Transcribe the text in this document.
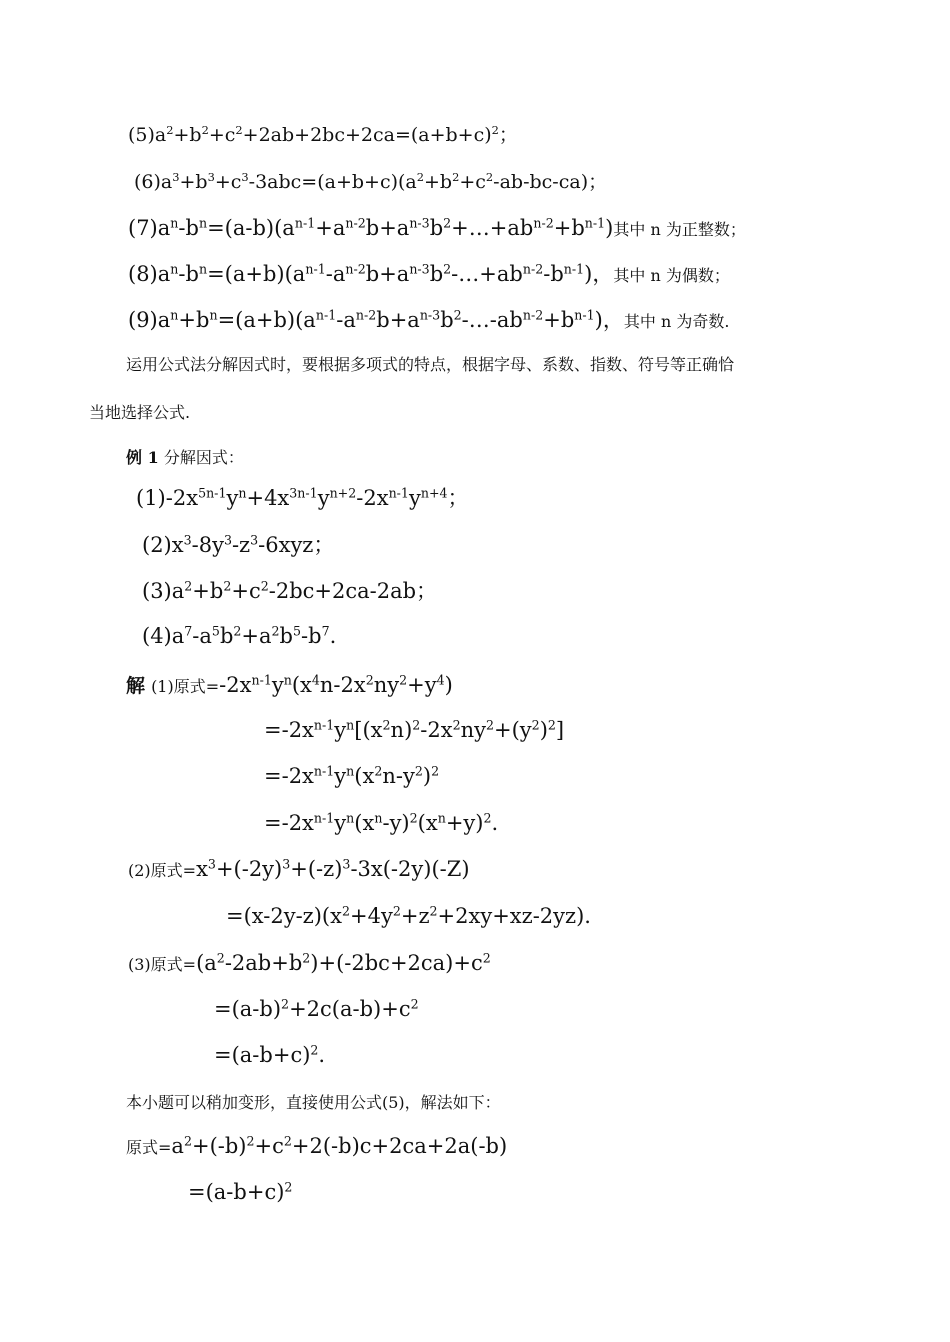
$(5)a^2+b^2+c^2+2ab+2bc+2ca=(a+b+c)^2$；
$(6)a^3+b^3+c^3-3abc=(a+b+c)(a^2+b^2+c^2-ab-bc-ca)$；
$(7)a^n-b^n=(a-b)(a^{n-1}+a^{n-2}b+a^{n-3}b^2+\dots+ab^{n-2}+b^{n-1})$其中 n 为正整数；
$(8)a^n-b^n=(a+b)(a^{n-1}-a^{n-2}b+a^{n-3}b^2-\dots+ab^{n-2}-b^{n-1})$，其中 n 为偶数；
$(9)a^n+b^n=(a+b)(a^{n-1}-a^{n-2}b+a^{n-3}b^2-\dots-ab^{n-2}+b^{n-1})$，其中 n 为奇数.
运用公式法分解因式时，要根据多项式的特点，根据字母、系数、指数、符号等正确恰
当地选择公式.
例 1 分解因式：
$(1)-2x^{5n-1}y^n+4x^{3n-1}y^{n+2}-2x^{n-1}y^{n+4}$；
$(2)x^3-8y^3-z^3-6xyz$；
$(3)a^2+b^2+c^2-2bc+2ca-2ab$；
$(4)a^7-a^5b^2+a^2b^5-b^7$.
解 (1)原式$=-2x^{n-1}y^n(x^4n-2x^2ny^2+y^4)$
$=-2x^{n-1}y^n[(x^2n)^2-2x^2ny^2+(y^2)^2]$
$=-2x^{n-1}y^n(x^2n-y^2)^2$
$=-2x^{n-1}y^n(x^n-y)^2(x^n+y)^2$.
(2)原式$=x^3+(-2y)^3+(-z)^3-3x(-2y)(-Z)$
$=(x-2y-z)(x^2+4y^2+z^2+2xy+xz-2yz)$.
(3)原式$=(a^2-2ab+b^2)+(-2bc+2ca)+c^2$
$=(a-b)^2+2c(a-b)+c^2$
$=(a-b+c)^2$.
本小题可以稍加变形，直接使用公式(5)，解法如下：
原式$=a^2+(-b)^2+c^2+2(-b)c+2ca+2a(-b)$
$=(a-b+c)^2$
